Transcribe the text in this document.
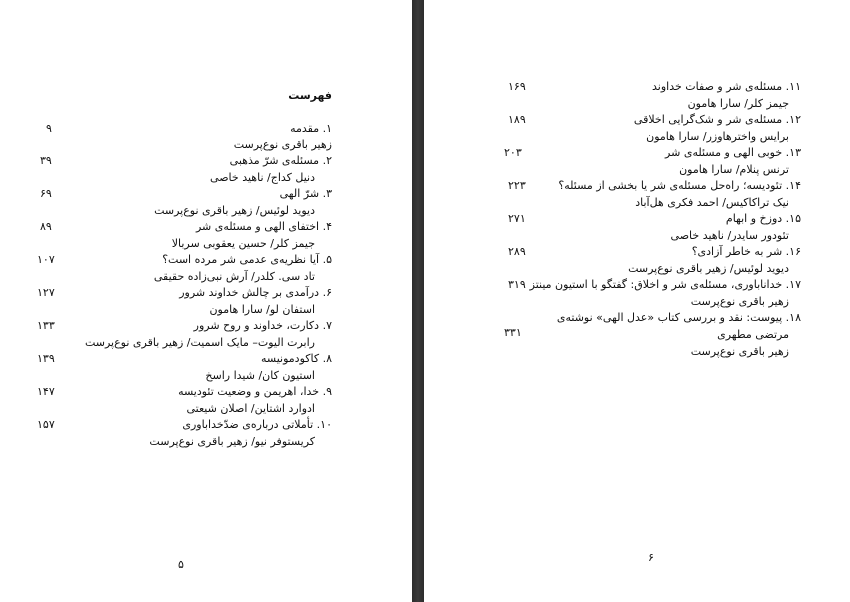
فهرست
۱. مقدمه
۹
زهیر باقری نوع‌پرست
۲. مسئله‌ی شرّ مذهبی
۳۹
دنیل کداج/ ناهید خاصی
۳. شرّ الهی
۶۹
دیوید لوئیس/ زهیر باقری نوع‌پرست
۴. اختفای الهی و مسئله‌ی شر
۸۹
جیمز کلر/ حسین یعقوبی سربالا
۵. آیا نظریه‌ی عدمی شر مرده است؟
۱۰۷
تاد سی. کلدر/ آرش نبی‌زاده حقیقی
۶. درآمدی بر چالش خداوند شرور
۱۲۷
استفان لو/ سارا هامون
۷. دکارت، خداوند و روح شرور
۱۳۳
رابرت الیوت– مایک اسمیت/ زهیر باقری نوع‌پرست
۸. کاکودمونیسه
۱۳۹
استیون کان/ شیدا راسخ
۹. خدا، اهریمن و وضعیت تئودیسه
۱۴۷
ادوارد اشتاین/ اصلان شیعتی
۱۰. تأملاتی درباره‌ی ضدّخداباوری
۱۵۷
کریستوفر نیو/ زهیر باقری نوع‌پرست
۵
۱۱. مسئله‌ی شر و صفات خداوند
۱۶۹
جیمز کلر/ سارا هامون
۱۲. مسئله‌ی شر و شک‌گرایی اخلاقی
۱۸۹
برایس واخترهاوزر/ سارا هامون
۱۳. خوبی الهی و مسئله‌ی شر
۲۰۳
ترنس پنلام/ سارا هامون
۱۴. تئودیسه؛ راه‌حل مسئله‌ی شر یا بخشی از مسئله؟
۲۲۳
نیک تراکاکیس/ احمد فکری هل‌آباد
۱۵. دوزخ و ابهام
۲۷۱
تئودور سایدر/ ناهید خاصی
۱۶. شر به خاطر آزادی؟
۲۸۹
دیوید لوئیس/ زهیر باقری نوع‌پرست
۱۷. خداناباوری، مسئله‌ی شر و اخلاق: گفتگو با استیون مینتز
۳۱۹
زهیر باقری نوع‌پرست
۱۸. پیوست: نقد و بررسی کتاب «عدل الهی» نوشته‌ی
۳۳۱	مرتضی مطهری
زهیر باقری نوع‌پرست
۶
